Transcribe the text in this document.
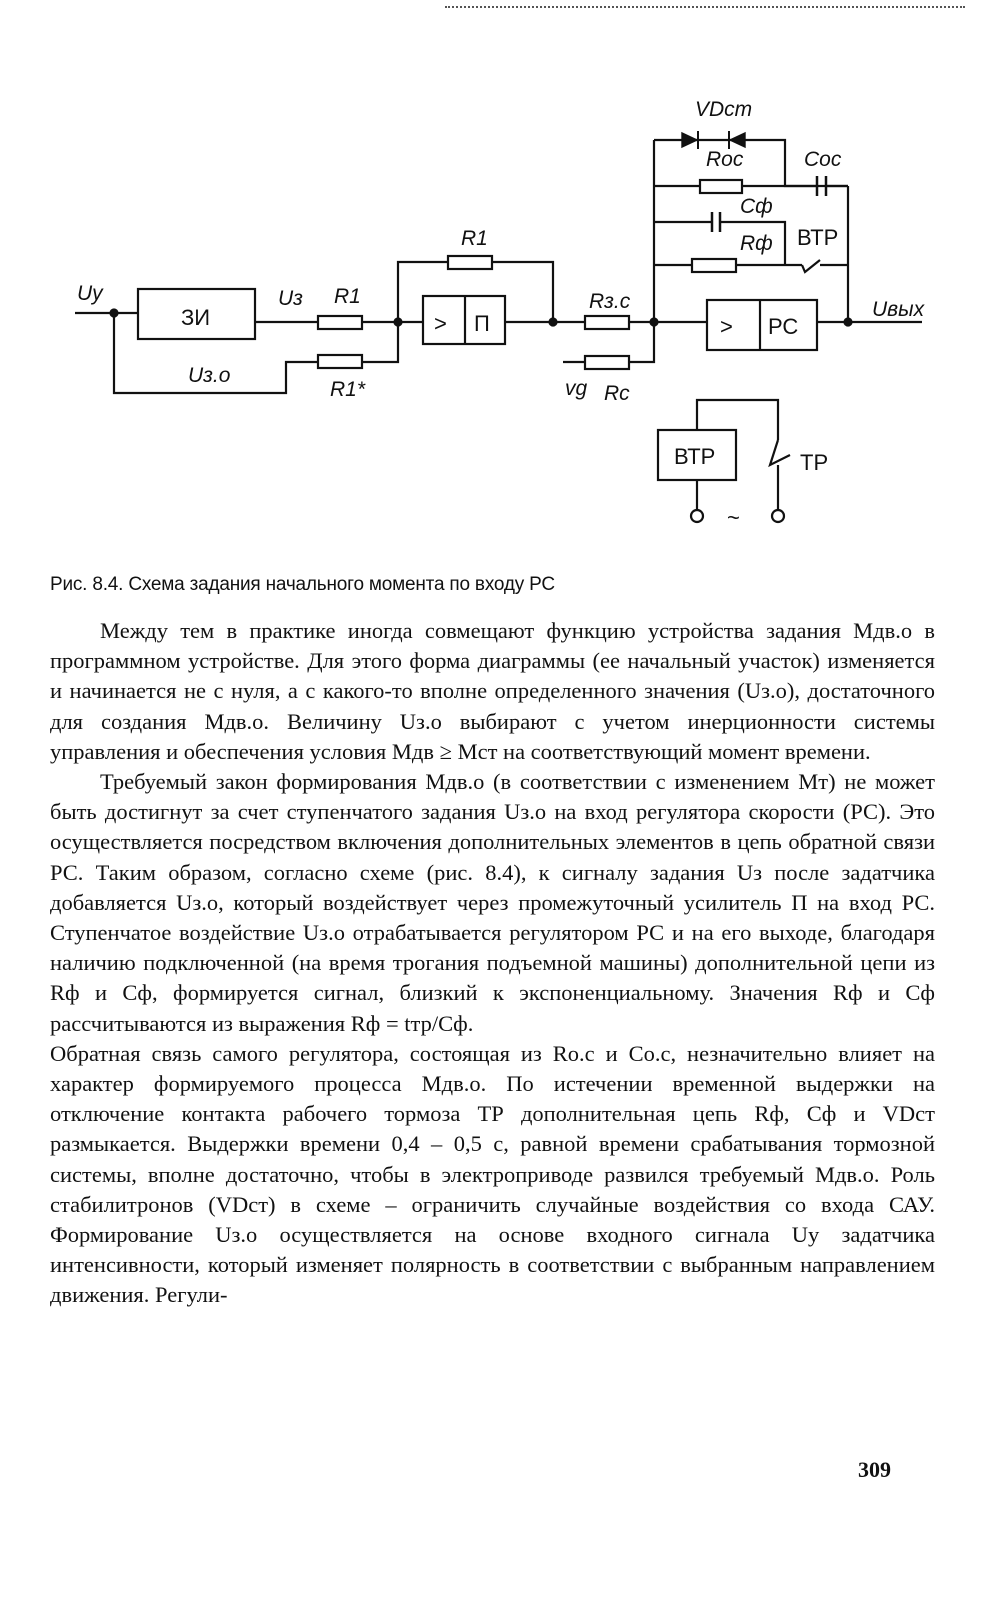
ЗИ	> П	> РС
ВТР
ВТР
Uу	Uз
Uз.о
R1
R1
R1*
Rз.с
vg Rс
VDст
Rос	Cос
Cф
Rф
Uвых
ТР
~
Рис. 8.4. Схема задания начального момента по входу РС

Между тем в практике иногда совмещают функцию устройства задания Mдв.о в программном устройстве. Для этого форма диаграммы (ее начальный участок) изменяется и начинается не с нуля, а с какого-то вполне определенного значения (Uз.о), достаточного для создания Mдв.о. Величину Uз.о выбирают с учетом инерционности системы управления и обеспечения условия Mдв ≥ Mст на соответствующий момент времени.

Требуемый закон формирования Mдв.о (в соответствии с изменением Mт) не может быть достигнут за счет ступенчатого задания Uз.о на вход регулятора скорости (РС). Это осуществляется посредством включения дополнительных элементов в цепь обратной связи РС. Таким образом, согласно схеме (рис. 8.4), к сигналу задания Uз после задатчика добавляется Uз.о, который воздействует через промежуточный усилитель П на вход РС. Ступенчатое воздействие Uз.о отрабатывается регулятором РС и на его выходе, благодаря наличию подключенной (на время трогания подъемной машины) дополнительной цепи из Rф и Cф, формируется сигнал, близкий к экспоненциальному. Значения Rф и Cф рассчитываются из выражения Rф = tтр/Cф.

Обратная связь самого регулятора, состоящая из Rо.с и Cо.с, незначительно влияет на характер формируемого процесса Mдв.о. По истечении временной выдержки на отключение контакта рабочего тормоза ТР дополнительная цепь Rф, Cф и VDст размыкается. Выдержки времени 0,4 – 0,5 с, равной времени срабатывания тормозной системы, вполне достаточно, чтобы в электроприводе развился требуемый Mдв.о. Роль стабилитронов (VDст) в схеме – ограничить случайные воздействия со входа САУ. Формирование Uз.о осуществляется на основе входного сигнала Uу задатчика интенсивности, который изменяет полярность в соответствии с выбранным направлением движения. Регули-

309
